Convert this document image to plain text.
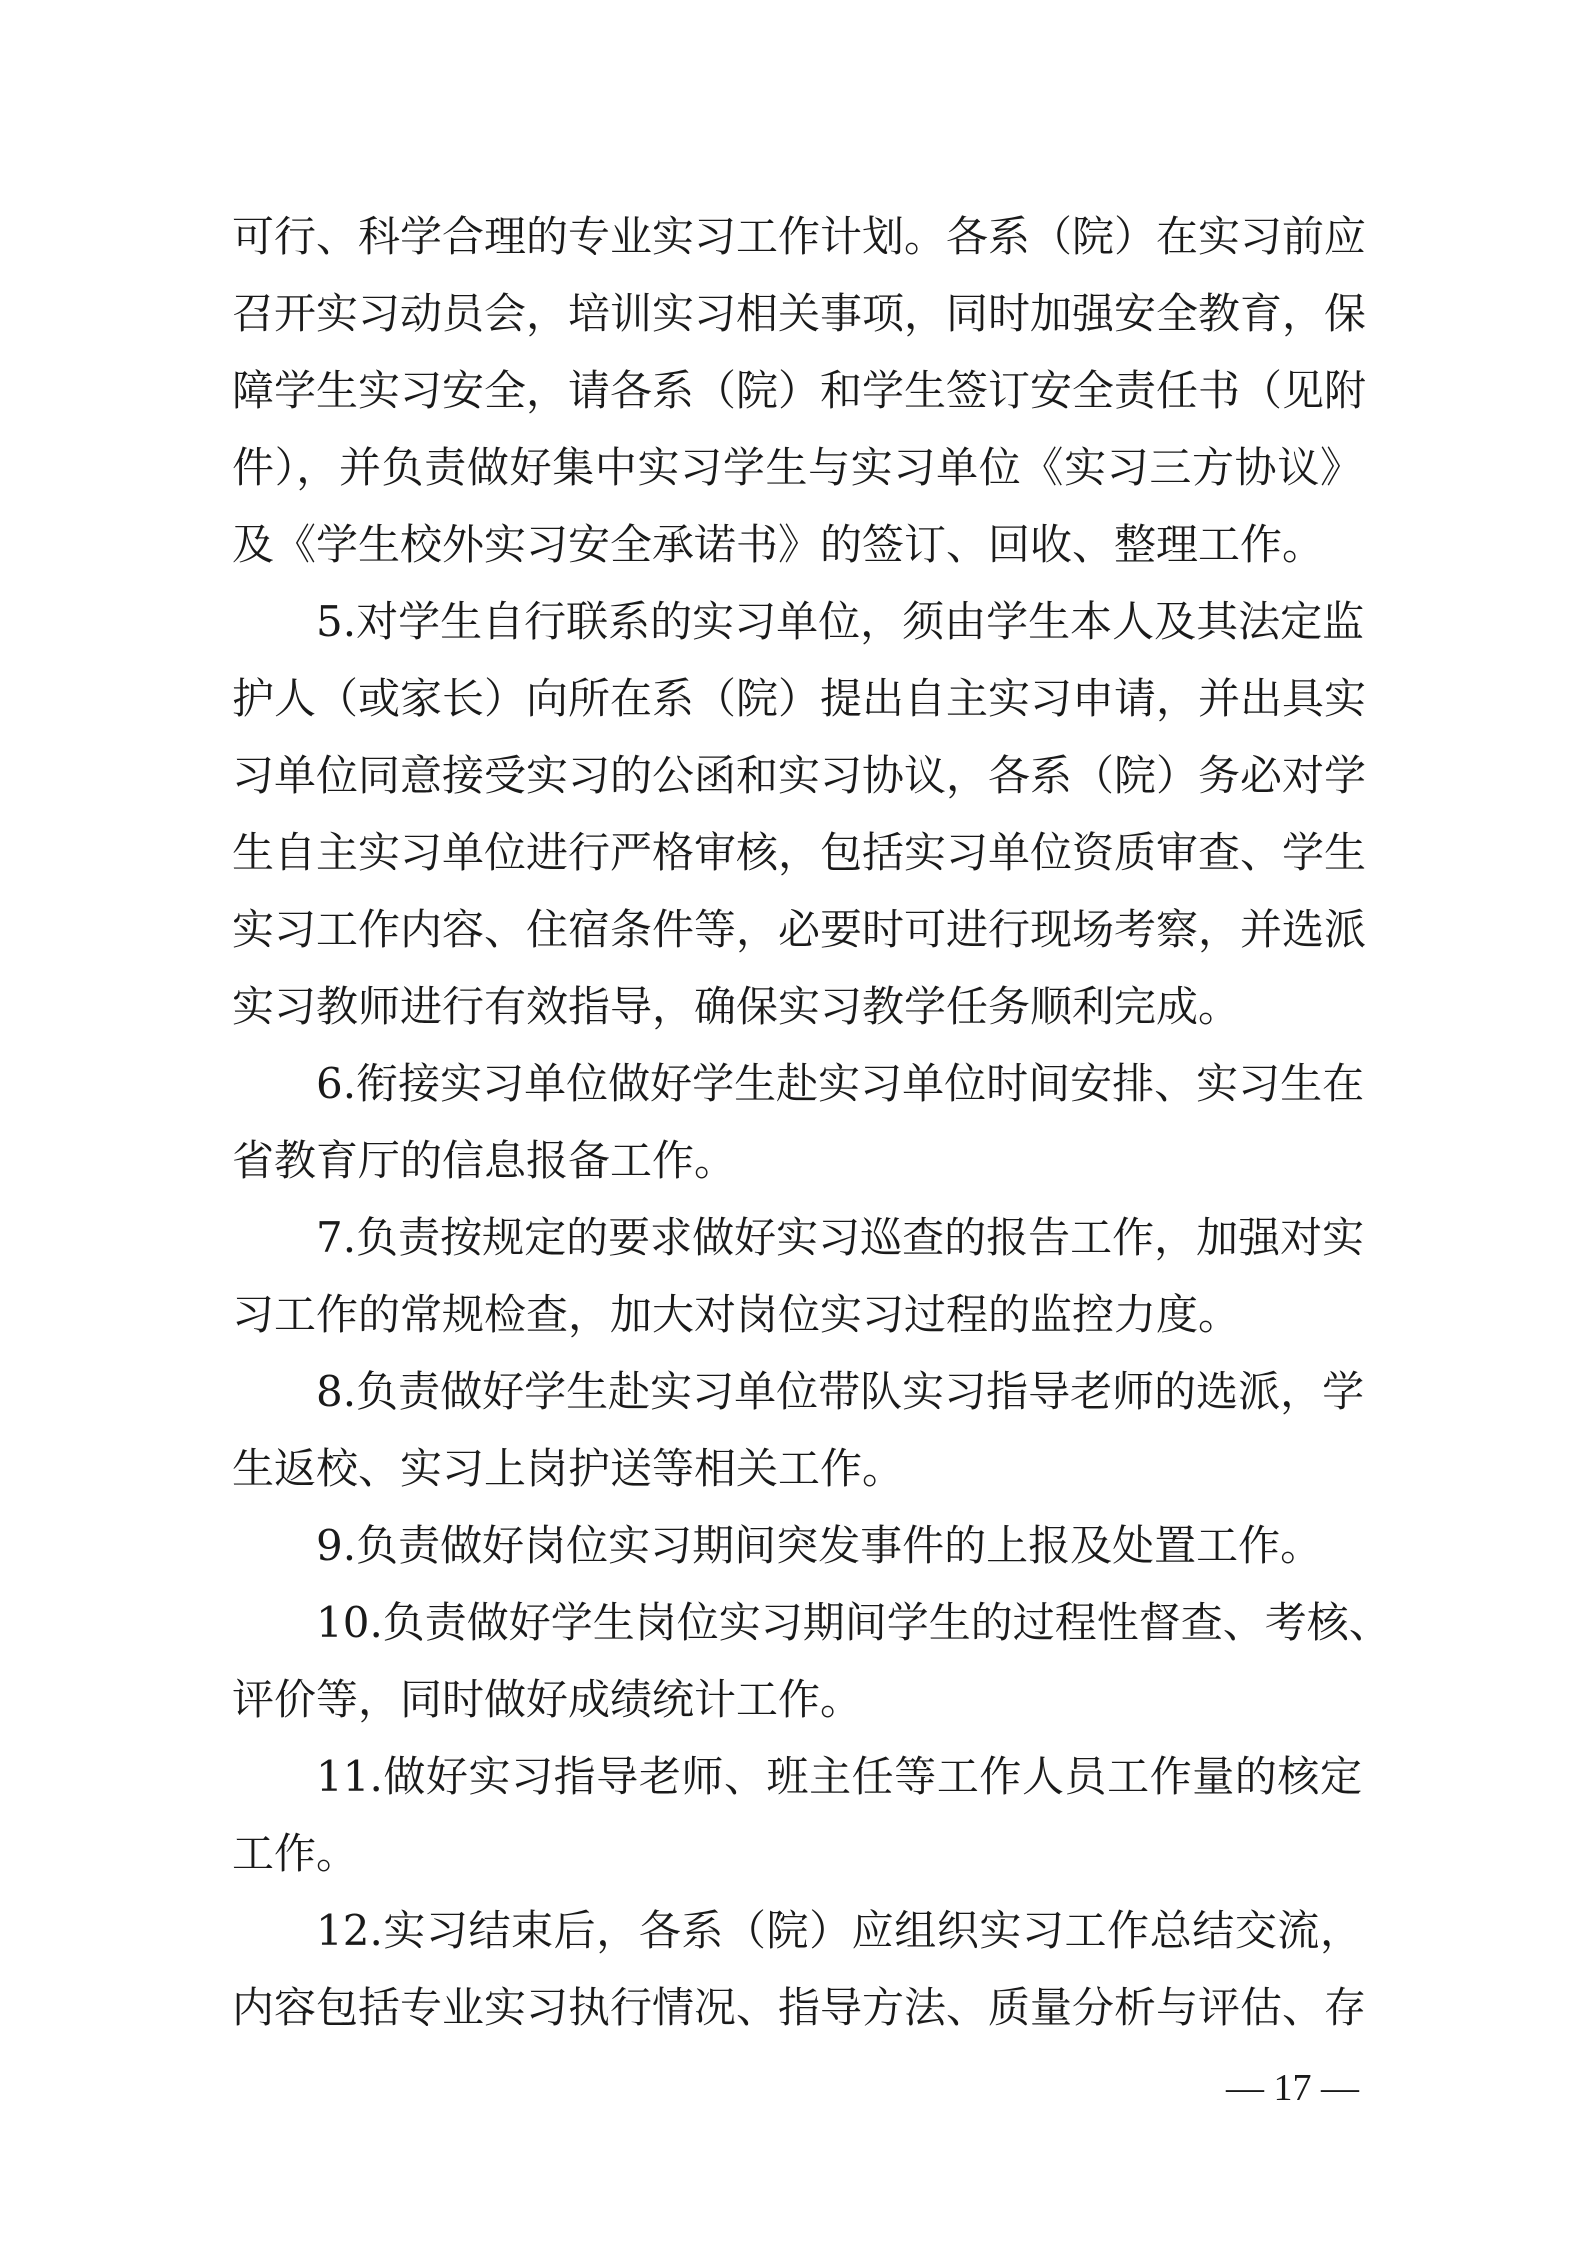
可行、科学合理的专业实习工作计划。各系（院）在实习前应
召开实习动员会，培训实习相关事项，同时加强安全教育，保
障学生实习安全，请各系（院）和学生签订安全责任书（见附
件），并负责做好集中实习学生与实习单位《实习三方协议》
及《学生校外实习安全承诺书》的签订、回收、整理工作。
5.对学生自行联系的实习单位，须由学生本人及其法定监
护人（或家长）向所在系（院）提出自主实习申请，并出具实
习单位同意接受实习的公函和实习协议，各系（院）务必对学
生自主实习单位进行严格审核，包括实习单位资质审查、学生
实习工作内容、住宿条件等，必要时可进行现场考察，并选派
实习教师进行有效指导，确保实习教学任务顺利完成。
6.衔接实习单位做好学生赴实习单位时间安排、实习生在
省教育厅的信息报备工作。
7.负责按规定的要求做好实习巡查的报告工作，加强对实
习工作的常规检查，加大对岗位实习过程的监控力度。
8.负责做好学生赴实习单位带队实习指导老师的选派，学
生返校、实习上岗护送等相关工作。
9.负责做好岗位实习期间突发事件的上报及处置工作。
10.负责做好学生岗位实习期间学生的过程性督查、考核、
评价等，同时做好成绩统计工作。
11.做好实习指导老师、班主任等工作人员工作量的核定
工作。
12.实习结束后，各系（院）应组织实习工作总结交流，
内容包括专业实习执行情况、指导方法、质量分析与评估、存
— 17 —
